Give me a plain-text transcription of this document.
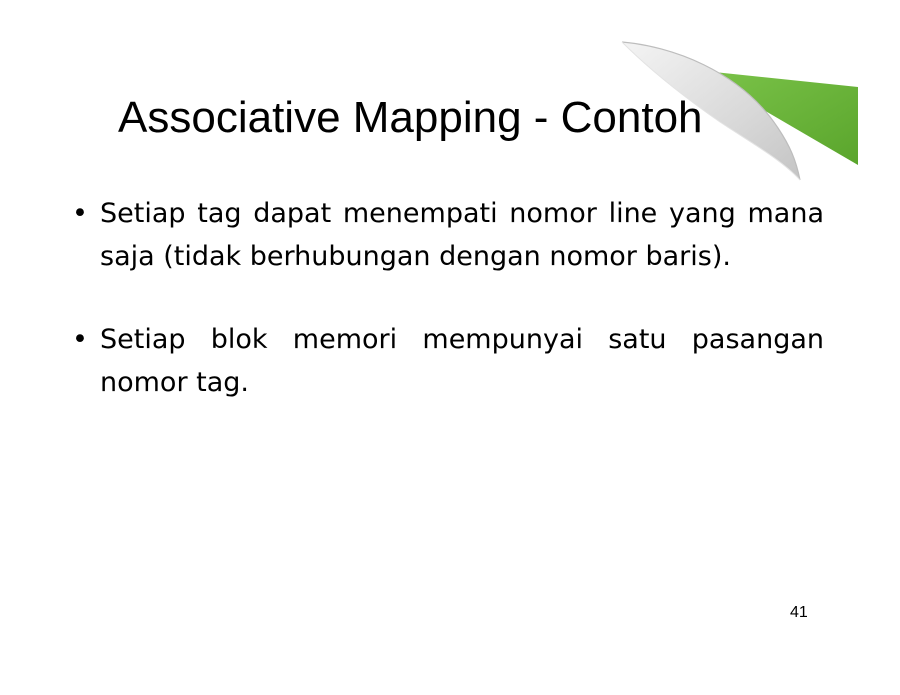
Associative Mapping - Contoh
• Setiap tag dapat menempati nomor line yang mana saja (tidak berhubungan dengan nomor baris).
• Setiap blok memori mempunyai satu pasangan nomor tag.
41
